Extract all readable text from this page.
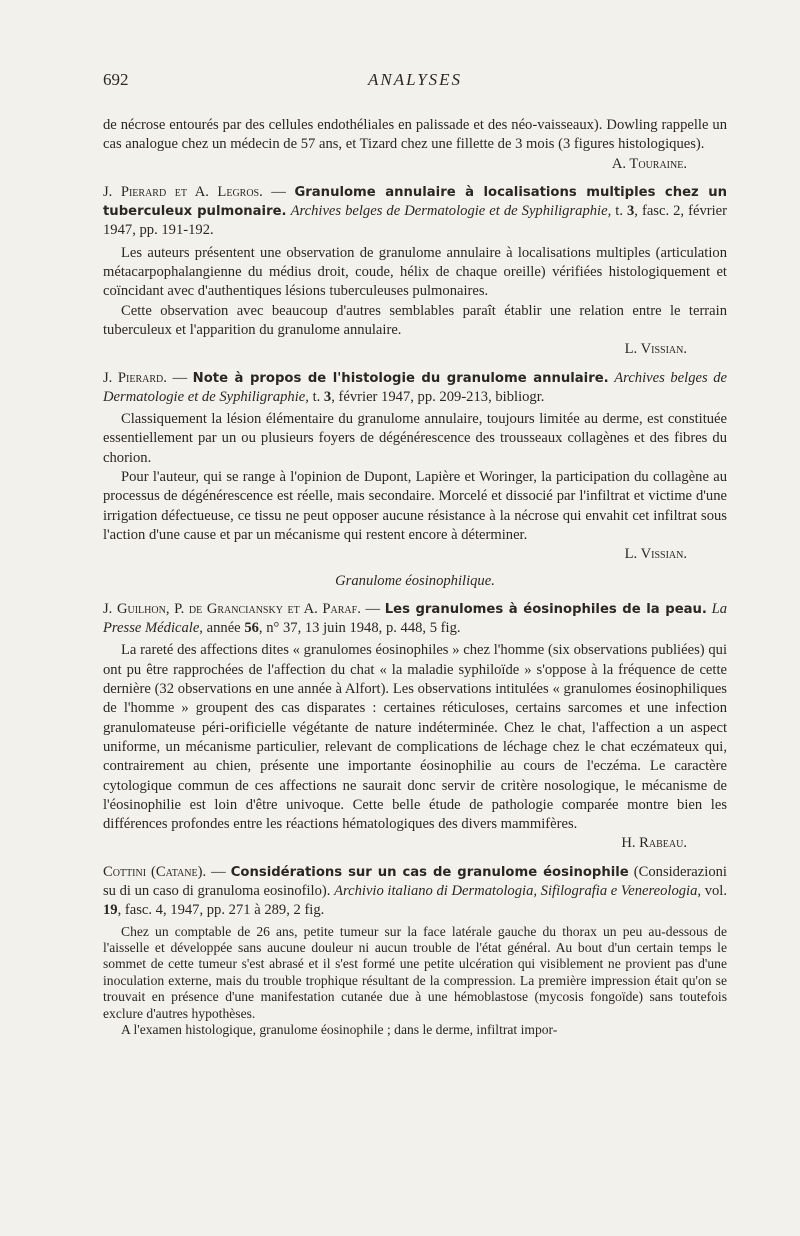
692	ANALYSES

de nécrose entourés par des cellules endothéliales en palissade et des néo-vaisseaux). Dowling rappelle un cas analogue chez un médecin de 57 ans, et Tizard chez une fillette de 3 mois (3 figures histologiques).

A. Touraine.

J. Pierard et A. Legros. — Granulome annulaire à localisations multiples chez un tuberculeux pulmonaire. Archives belges de Dermatologie et de Syphiligraphie, t. 3, fasc. 2, février 1947, pp. 191-192.

Les auteurs présentent une observation de granulome annulaire à localisations multiples (articulation métacarpophalangienne du médius droit, coude, hélix de chaque oreille) vérifiées histologiquement et coïncidant avec d'authentiques lésions tuberculeuses pulmonaires.

Cette observation avec beaucoup d'autres semblables paraît établir une relation entre le terrain tuberculeux et l'apparition du granulome annulaire.

L. Vissian.

J. Pierard. — Note à propos de l'histologie du granulome annulaire. Archives belges de Dermatologie et de Syphiligraphie, t. 3, février 1947, pp. 209-213, bibliogr.

Classiquement la lésion élémentaire du granulome annulaire, toujours limitée au derme, est constituée essentiellement par un ou plusieurs foyers de dégénérescence des trousseaux collagènes et des fibres du chorion.

Pour l'auteur, qui se range à l'opinion de Dupont, Lapière et Woringer, la participation du collagène au processus de dégénérescence est réelle, mais secondaire. Morcelé et dissocié par l'infiltrat et victime d'une irrigation défectueuse, ce tissu ne peut opposer aucune résistance à la nécrose qui envahit cet infiltrat sous l'action d'une cause et par un mécanisme qui restent encore à déterminer.

L. Vissian.

Granulome éosinophilique.

J. Guilhon, P. de Granciansky et A. Paraf. — Les granulomes à éosinophiles de la peau. La Presse Médicale, année 56, n° 37, 13 juin 1948, p. 448, 5 fig.

La rareté des affections dites « granulomes éosinophiles » chez l'homme (six observations publiées) qui ont pu être rapprochées de l'affection du chat « la maladie syphiloïde » s'oppose à la fréquence de cette dernière (32 observations en une année à Alfort). Les observations intitulées « granulomes éosinophiliques de l'homme » groupent des cas disparates : certaines réticuloses, certains sarcomes et une infection granulomateuse péri-orificielle végétante de nature indéterminée. Chez le chat, l'affection a un aspect uniforme, un mécanisme particulier, relevant de complications de léchage chez le chat eczémateux qui, contrairement au chien, présente une importante éosinophilie au cours de l'eczéma. Le caractère cytologique commun de ces affections ne saurait donc servir de critère nosologique, le mécanisme de l'éosinophilie est loin d'être univoque. Cette belle étude de pathologie comparée montre bien les différences profondes entre les réactions hématologiques des divers mammifères.

H. Rabeau.

Cottini (Catane). — Considérations sur un cas de granulome éosinophile (Considerazioni su di un caso di granuloma eosinofilo). Archivio italiano di Dermatologia, Sifilografia e Venereologia, vol. 19, fasc. 4, 1947, pp. 271 à 289, 2 fig.

Chez un comptable de 26 ans, petite tumeur sur la face latérale gauche du thorax un peu au-dessous de l'aisselle et développée sans aucune douleur ni aucun trouble de l'état général. Au bout d'un certain temps le sommet de cette tumeur s'est abrasé et il s'est formé une petite ulcération qui visiblement ne provient pas d'une inoculation externe, mais du trouble trophique résultant de la compression. La première impression était qu'on se trouvait en présence d'une manifestation cutanée due à une hémoblastose (mycosis fongoïde) sans toutefois exclure d'autres hypothèses.

A l'examen histologique, granulome éosinophile ; dans le derme, infiltrat impor-
